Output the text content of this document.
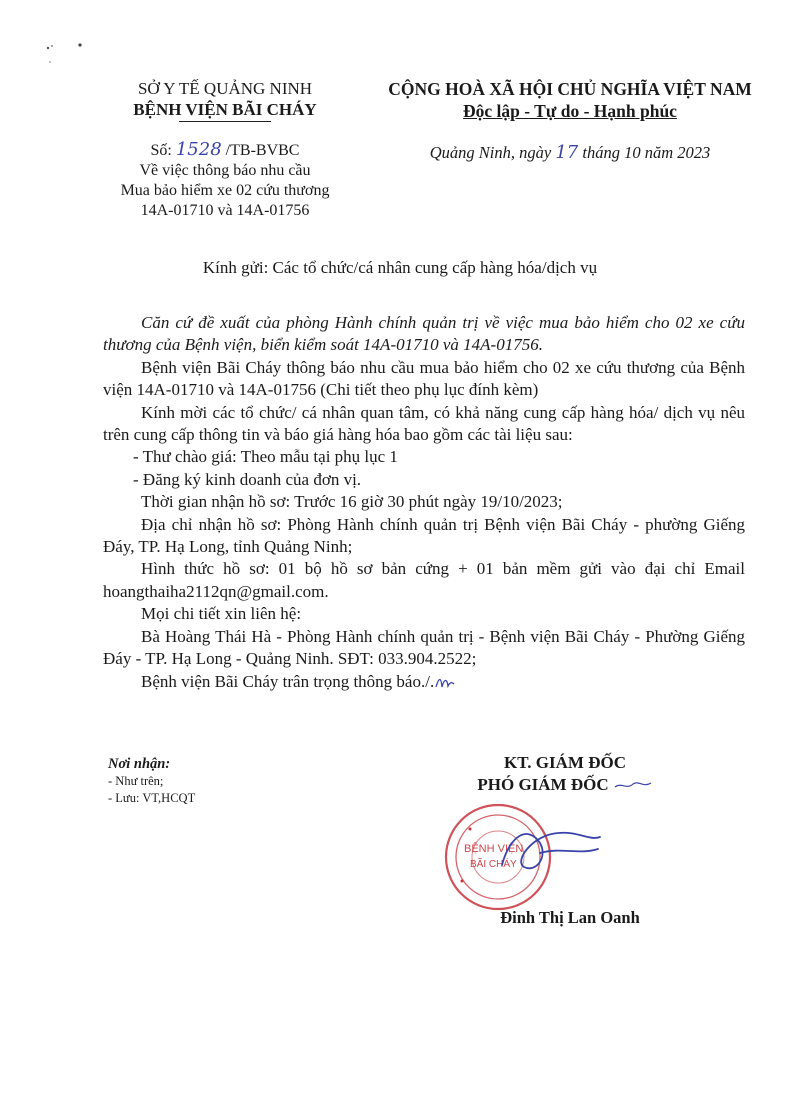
SỞ Y TẾ QUẢNG NINH
BỆNH VIỆN BÃI CHÁY
CỘNG HOÀ XÃ HỘI CHỦ NGHĨA VIỆT NAM
Độc lập - Tự do - Hạnh phúc
Số: 1528 /TB-BVBC
Về việc thông báo nhu cầu
Mua bảo hiểm xe 02 cứu thương
14A-01710 và 14A-01756
Quảng Ninh, ngày 17 tháng 10 năm 2023
Kính gửi: Các tổ chức/cá nhân cung cấp hàng hóa/dịch vụ

Căn cứ đề xuất của phòng Hành chính quản trị về việc mua bảo hiểm cho 02 xe cứu thương của Bệnh viện, biển kiểm soát 14A-01710 và 14A-01756.

Bệnh viện Bãi Cháy thông báo nhu cầu mua bảo hiểm cho 02 xe cứu thương của Bệnh viện 14A-01710 và 14A-01756 (Chi tiết theo phụ lục đính kèm)

Kính mời các tổ chức/ cá nhân quan tâm, có khả năng cung cấp hàng hóa/ dịch vụ nêu trên cung cấp thông tin và báo giá hàng hóa bao gồm các tài liệu sau:

- Thư chào giá: Theo mẫu tại phụ lục 1

- Đăng ký kinh doanh của đơn vị.

Thời gian nhận hồ sơ: Trước 16 giờ 30 phút ngày 19/10/2023;

Địa chỉ nhận hồ sơ: Phòng Hành chính quản trị Bệnh viện Bãi Cháy - phường Giếng Đáy, TP. Hạ Long, tỉnh Quảng Ninh;

Hình thức hồ sơ: 01 bộ hồ sơ bản cứng + 01 bản mềm gửi vào đại chỉ Email hoangthaiha2112qn@gmail.com.

Mọi chi tiết xin liên hệ:

Bà Hoàng Thái Hà - Phòng Hành chính quản trị - Bệnh viện Bãi Cháy - Phường Giếng Đáy - TP. Hạ Long - Quảng Ninh. SĐT: 033.904.2522;

Bệnh viện Bãi Cháy trân trọng thông báo./.

Nơi nhận:
- Như trên;
- Lưu: VT,HCQT
KT. GIÁM ĐỐC
PHÓ GIÁM ĐỐC
BỆNH VIỆN
BÃI CHÁY
Đinh Thị Lan Oanh
